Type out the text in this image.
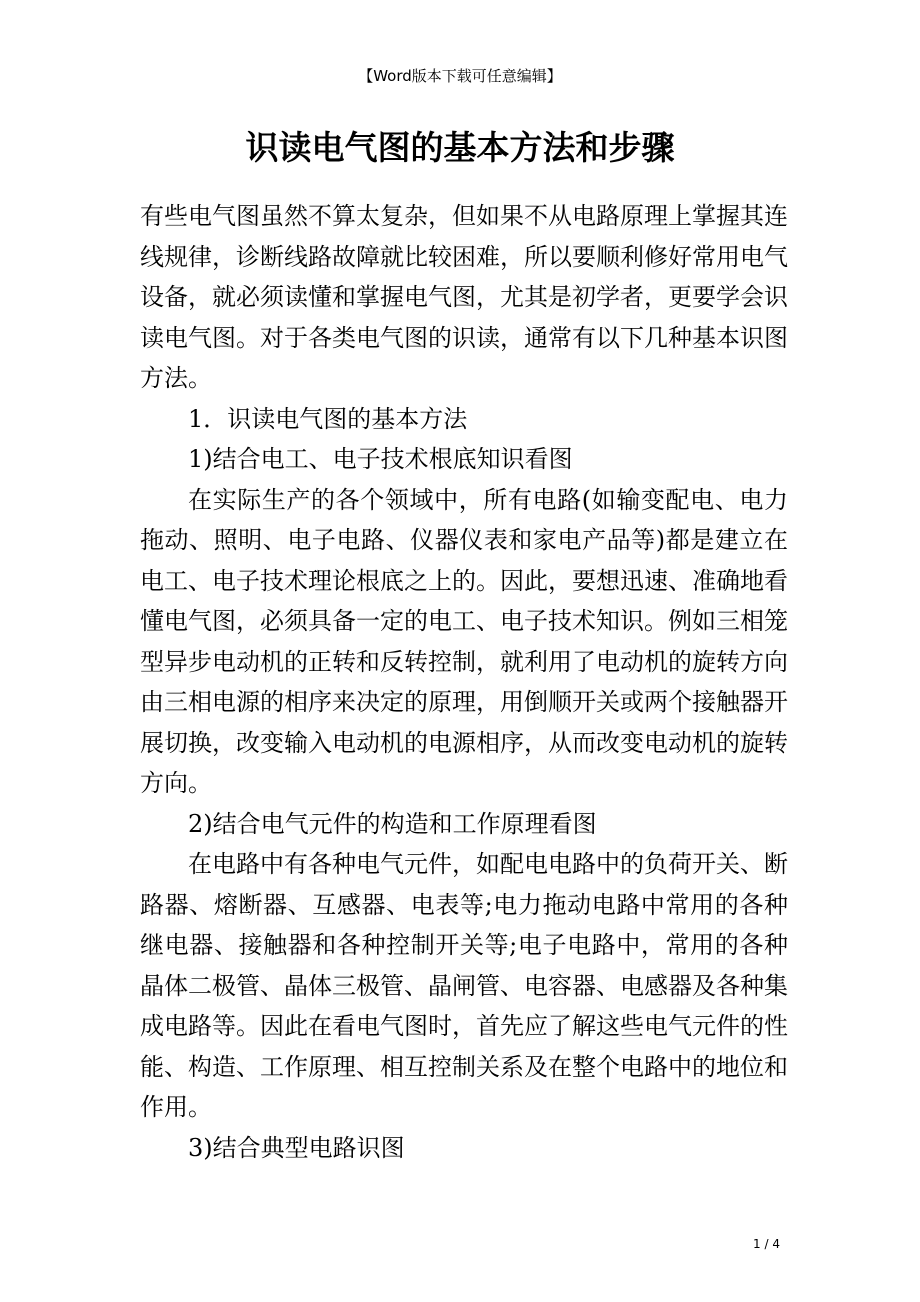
【Word版本下载可任意编辑】
识读电气图的基本方法和步骤

有些电气图虽然不算太复杂，但如果不从电路原理上掌握其连线规律，诊断线路故障就比较困难，所以要顺利修好常用电气设备，就必须读懂和掌握电气图，尤其是初学者，更要学会识读电气图。对于各类电气图的识读，通常有以下几种基本识图方法。

1．识读电气图的基本方法

1)结合电工、电子技术根底知识看图

在实际生产的各个领域中，所有电路(如输变配电、电力拖动、照明、电子电路、仪器仪表和家电产品等)都是建立在电工、电子技术理论根底之上的。因此，要想迅速、准确地看懂电气图，必须具备一定的电工、电子技术知识。例如三相笼型异步电动机的正转和反转控制，就利用了电动机的旋转方向由三相电源的相序来决定的原理，用倒顺开关或两个接触器开展切换，改变输入电动机的电源相序，从而改变电动机的旋转方向。

2)结合电气元件的构造和工作原理看图

在电路中有各种电气元件，如配电电路中的负荷开关、断路器、熔断器、互感器、电表等;电力拖动电路中常用的各种继电器、接触器和各种控制开关等;电子电路中，常用的各种晶体二极管、晶体三极管、晶闸管、电容器、电感器及各种集成电路等。因此在看电气图时，首先应了解这些电气元件的性能、构造、工作原理、相互控制关系及在整个电路中的地位和作用。

3)结合典型电路识图

1 / 4
